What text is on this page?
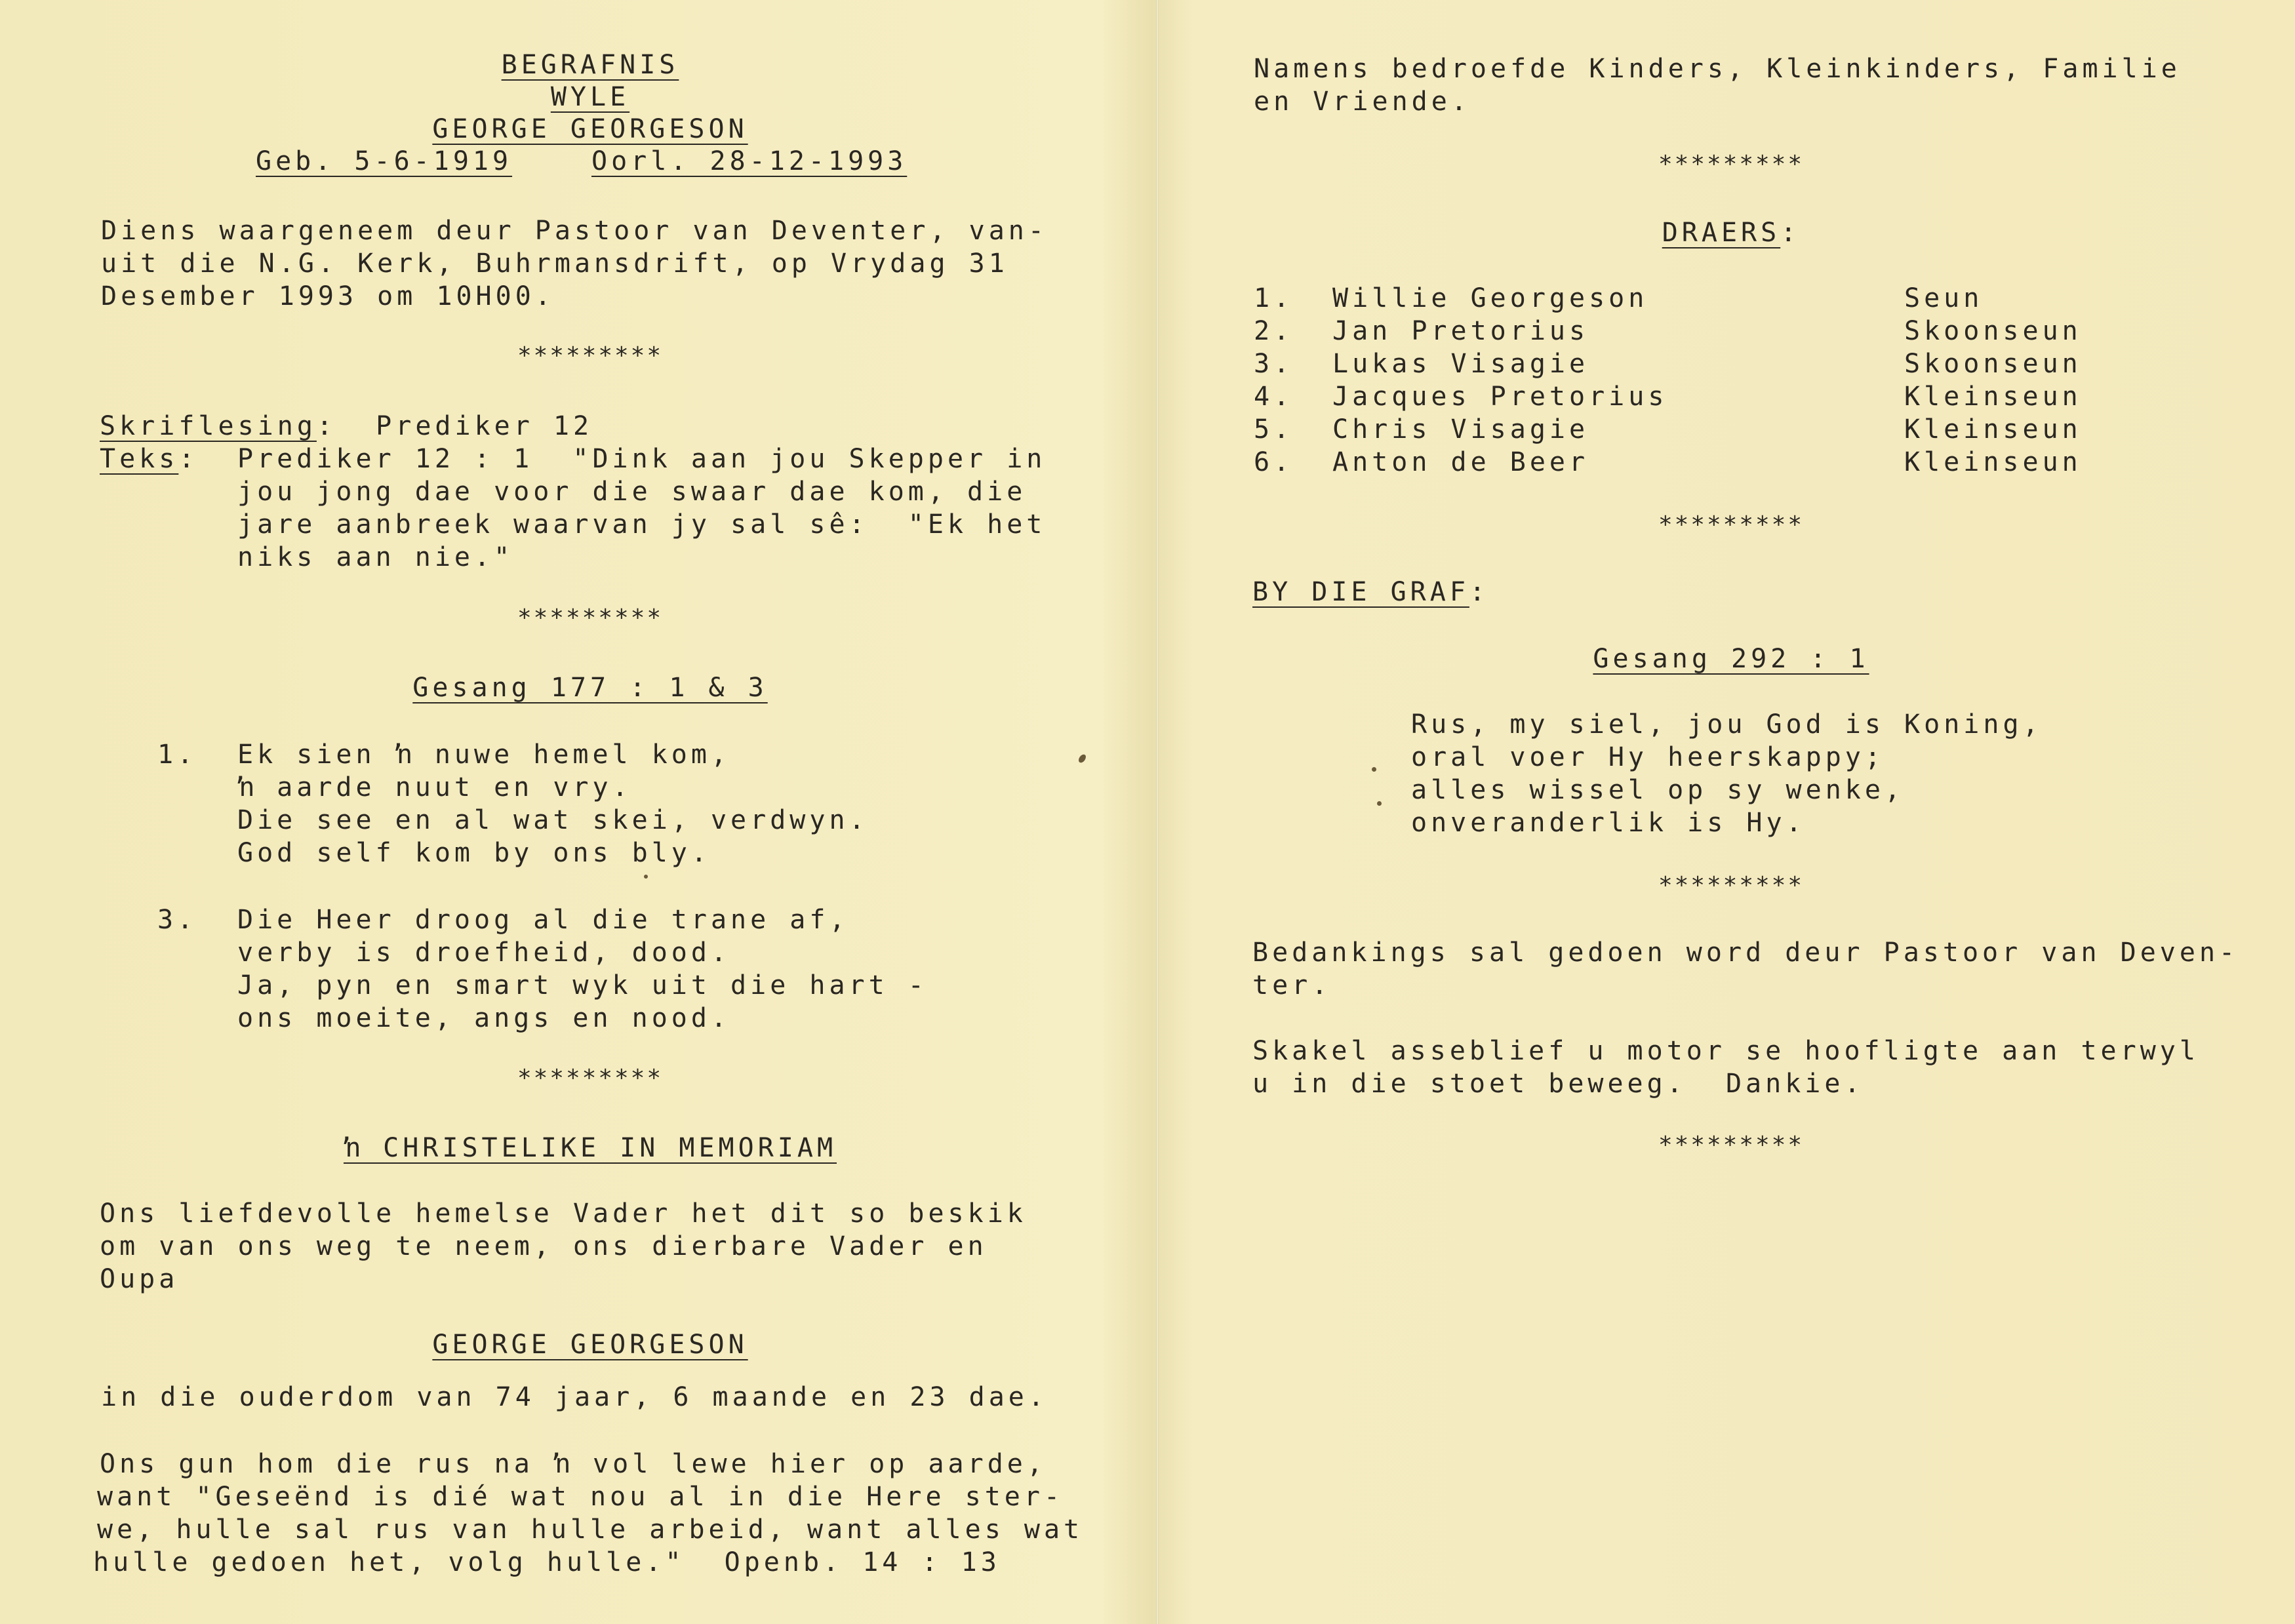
BEGRAFNIS
WYLE
GEORGE GEORGESON
Geb. 5-6-1919	Oorl. 28-12-1993
Diens waargeneem deur Pastoor van Deventer, van-
uit die N.G. Kerk, Buhrmansdrift, op Vrydag 31
Desember 1993 om 10H00.
*********
Skriflesing:  Prediker 12
Teks: Prediker 12 : 1  "Dink aan jou Skepper in
jou jong dae voor die swaar dae kom, die
jare aanbreek waarvan jy sal sê:  "Ek het
niks aan nie."
*********
Gesang 177 : 1 & 3
1. Ek sien ŉ nuwe hemel kom,
ŉ aarde nuut en vry.
Die see en al wat skei, verdwyn.
God self kom by ons bly.
3. Die Heer droog al die trane af,
verby is droefheid, dood.
Ja, pyn en smart wyk uit die hart -
ons moeite, angs en nood.
*********
ŉ CHRISTELIKE IN MEMORIAM
Ons liefdevolle hemelse Vader het dit so beskik
om van ons weg te neem, ons dierbare Vader en
Oupa
GEORGE GEORGESON
in die ouderdom van 74 jaar, 6 maande en 23 dae.
Ons gun hom die rus na ŉ vol lewe hier op aarde,
want "Geseënd is dié wat nou al in die Here ster-
we, hulle sal rus van hulle arbeid, want alles wat
hulle gedoen het, volg hulle."  Openb. 14 : 13
Namens bedroefde Kinders, Kleinkinders, Familie
en Vriende.
*********
DRAERS:
1. Willie Georgeson	Seun
2. Jan Pretorius	Skoonseun
3. Lukas Visagie	Skoonseun
4. Jacques Pretorius	Kleinseun
5. Chris Visagie	Kleinseun
6. Anton de Beer	Kleinseun
*********
BY DIE GRAF:
Gesang 292 : 1
Rus, my siel, jou God is Koning,
oral voer Hy heerskappy;
alles wissel op sy wenke,
onveranderlik is Hy.
*********
Bedankings sal gedoen word deur Pastoor van Deven-
ter.
Skakel asseblief u motor se hoofligte aan terwyl
u in die stoet beweeg.  Dankie.
*********
